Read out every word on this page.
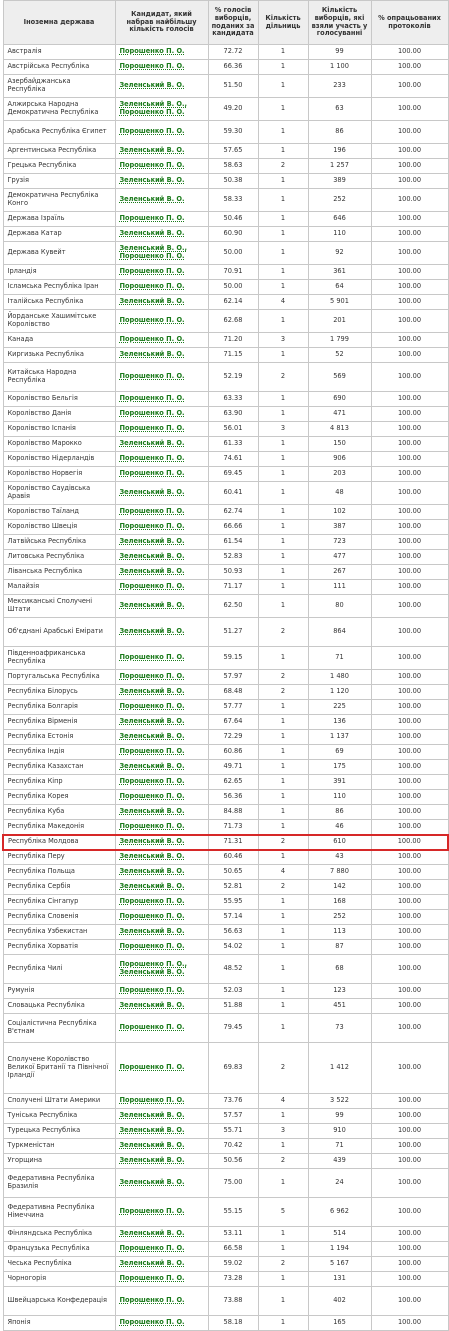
Іноземна держава	Кандидат, який набрав найбільшу кількість голосів	% голосів виборців, поданих за кандидата	Кількість дільниць	Кількість виборців, які взяли участь у голосуванні	% опрацьованих протоколів
Австралія	Порошенко П. О.	72.72	1	99	100.00
Австрійська Республіка	Порошенко П. О.	66.36	1	1 100	100.00
Азербайджанська Республіка	Зеленський В. О.	51.50	1	233	100.00
Алжирська Народна Демократична Республіка	Зеленський В. О.,
Порошенко П. О.	49.20	1	63	100.00
Арабська Республіка Єгипет	Порошенко П. О.	59.30	1	86	100.00
Аргентинська Республіка	Зеленський В. О.	57.65	1	196	100.00
Грецька Республіка	Порошенко П. О.	58.63	2	1 257	100.00
Грузія	Зеленський В. О.	50.38	1	389	100.00
Демократична Республіка Конго	Зеленський В. О.	58.33	1	252	100.00
Держава Ізраїль	Порошенко П. О.	50.46	1	646	100.00
Держава Катар	Зеленський В. О.	60.90	1	110	100.00
Держава Кувейт	Зеленський В. О.,
Порошенко П. О.	50.00	1	92	100.00
Ірландія	Порошенко П. О.	70.91	1	361	100.00
Ісламська Республіка Іран	Порошенко П. О.	50.00	1	64	100.00
Італійська Республіка	Зеленський В. О.	62.14	4	5 901	100.00
Йорданське Хашимітське Королівство	Порошенко П. О.	62.68	1	201	100.00
Канада	Порошенко П. О.	71.20	3	1 799	100.00
Киргизька Республіка	Зеленський В. О.	71.15	1	52	100.00
Китайська Народна Республіка	Порошенко П. О.	52.19	2	569	100.00
Королівство Бельгія	Порошенко П. О.	63.33	1	690	100.00
Королівство Данія	Порошенко П. О.	63.90	1	471	100.00
Королівство Іспанія	Порошенко П. О.	56.01	3	4 813	100.00
Королівство Марокко	Зеленський В. О.	61.33	1	150	100.00
Королівство Нідерландів	Порошенко П. О.	74.61	1	906	100.00
Королівство Норвегія	Порошенко П. О.	69.45	1	203	100.00
Королівство Саудівська Аравія	Зеленський В. О.	60.41	1	48	100.00
Королівство Таїланд	Порошенко П. О.	62.74	1	102	100.00
Королівство Швеція	Порошенко П. О.	66.66	1	387	100.00
Латвійська Республіка	Зеленський В. О.	61.54	1	723	100.00
Литовська Республіка	Зеленський В. О.	52.83	1	477	100.00
Ліванська Республіка	Зеленський В. О.	50.93	1	267	100.00
Малайзія	Порошенко П. О.	71.17	1	111	100.00
Мексиканські Сполучені Штати	Зеленський В. О.	62.50	1	80	100.00
Об'єднані Арабські Емірати	Зеленський В. О.	51.27	2	864	100.00
Південноафриканська Республіка	Порошенко П. О.	59.15	1	71	100.00
Португальська Республіка	Порошенко П. О.	57.97	2	1 480	100.00
Республіка Білорусь	Зеленський В. О.	68.48	2	1 120	100.00
Республіка Болгарія	Порошенко П. О.	57.77	1	225	100.00
Республіка Вірменія	Зеленський В. О.	67.64	1	136	100.00
Республіка Естонія	Зеленський В. О.	72.29	1	1 137	100.00
Республіка Індія	Порошенко П. О.	60.86	1	69	100.00
Республіка Казахстан	Зеленський В. О.	49.71	1	175	100.00
Республіка Кіпр	Порошенко П. О.	62.65	1	391	100.00
Республіка Корея	Порошенко П. О.	56.36	1	110	100.00
Республіка Куба	Зеленський В. О.	84.88	1	86	100.00
Республіка Македонія	Порошенко П. О.	71.73	1	46	100.00
Республіка Молдова	Зеленський В. О.	71.31	2	610	100.00
Республіка Перу	Зеленський В. О.	60.46	1	43	100.00
Республіка Польща	Зеленський В. О.	50.65	4	7 880	100.00
Республіка Сербія	Зеленський В. О.	52.81	2	142	100.00
Республіка Сінгапур	Порошенко П. О.	55.95	1	168	100.00
Республіка Словенія	Порошенко П. О.	57.14	1	252	100.00
Республіка Узбекистан	Зеленський В. О.	56.63	1	113	100.00
Республіка Хорватія	Порошенко П. О.	54.02	1	87	100.00
Республіка Чилі	Порошенко П. О.,
Зеленський В. О.	48.52	1	68	100.00
Румунія	Порошенко П. О.	52.03	1	123	100.00
Словацька Республіка	Зеленський В. О.	51.88	1	451	100.00
Соціалістична Республіка В'єтнам	Порошенко П. О.	79.45	1	73	100.00
Сполучене Королівство Великої Британії та Північної Ірландії	Порошенко П. О.	69.83	2	1 412	100.00
Сполучені Штати Америки	Порошенко П. О.	73.76	4	3 522	100.00
Туніська Республіка	Зеленський В. О.	57.57	1	99	100.00
Турецька Республіка	Зеленський В. О.	55.71	3	910	100.00
Туркменістан	Зеленський В. О.	70.42	1	71	100.00
Угорщина	Зеленський В. О.	50.56	2	439	100.00
Федеративна Республіка Бразилія	Зеленський В. О.	75.00	1	24	100.00
Федеративна Республіка Німеччина	Порошенко П. О.	55.15	5	6 962	100.00
Фінляндська Республіка	Зеленський В. О.	53.11	1	514	100.00
Французька Республіка	Порошенко П. О.	66.58	1	1 194	100.00
Чеська Республіка	Зеленський В. О.	59.02	2	5 167	100.00
Чорногорія	Порошенко П. О.	73.28	1	131	100.00
Швейцарська Конфедерація	Порошенко П. О.	73.88	1	402	100.00
Японія	Порошенко П. О.	58.18	1	165	100.00
